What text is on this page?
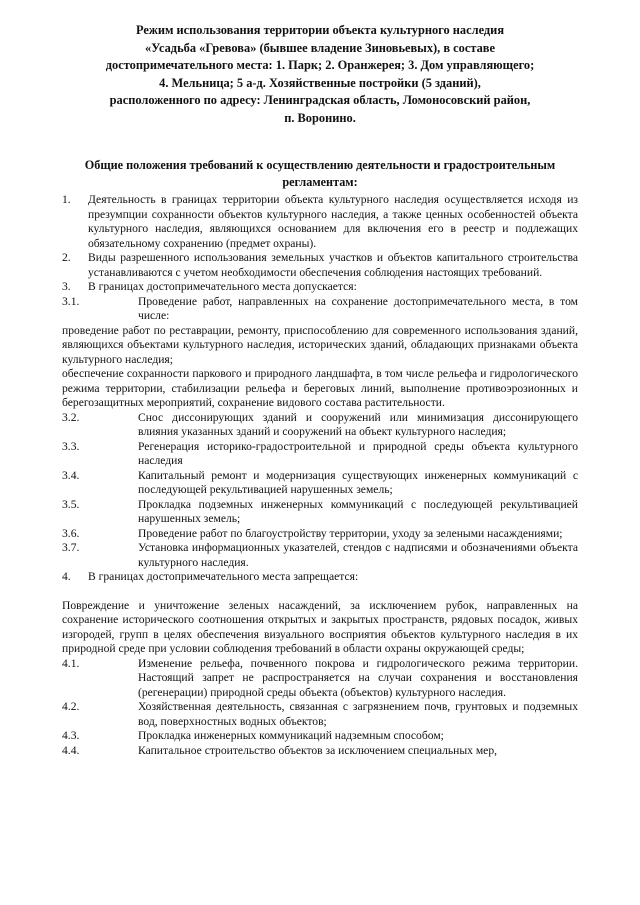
Режим использования территории объекта культурного наследия

«Усадьба «Гревова» (бывшее владение Зиновьевых), в составе

достопримечательного места: 1. Парк; 2. Оранжерея; 3. Дом управляющего;

4. Мельница; 5 а-д. Хозяйственные постройки (5 зданий),

расположенного по адресу: Ленинградская область, Ломоносовский район,

п. Воронино.

Общие положения требований к осуществлению деятельности и градостроительным

регламентам:

1.	Деятельность в границах территории объекта культурного наследия осуществляется исходя из презумпции сохранности объектов культурного наследия, а также ценных особенностей объекта культурного наследия, являющихся основанием для включения его в реестр и подлежащих обязательному сохранению (предмет охраны).
2.	Виды разрешенного использования земельных участков и объектов капитального строительства устанавливаются с учетом необходимости обеспечения соблюдения настоящих требований.
3.	В границах достопримечательного места допускается:
3.1.	Проведение работ, направленных на сохранение достопримечательного места, в том числе:

проведение работ по реставрации, ремонту, приспособлению для современного использования зданий, являющихся объектами культурного наследия, исторических зданий, обладающих признаками объекта культурного наследия;

обеспечение сохранности паркового и природного ландшафта, в том числе рельефа и гидрологического режима территории, стабилизации рельефа и береговых линий, выполнение противоэрозионных и берегозащитных мероприятий, сохранение видового состава растительности.

3.2.	Снос диссонирующих зданий и сооружений или минимизация диссонирующего влияния указанных зданий и сооружений на объект культурного наследия;
3.3.	Регенерация историко-градостроительной и природной среды объекта культурного наследия
3.4.	Капитальный ремонт и модернизация существующих инженерных коммуникаций с последующей рекультивацией нарушенных земель;
3.5.	Прокладка подземных инженерных коммуникаций с последующей рекультивацией нарушенных земель;
3.6.	Проведение работ по благоустройству территории, уходу за зелеными насаждениями;
3.7.	Установка информационных указателей, стендов с надписями и обозначениями объекта культурного наследия.
4.	В границах достопримечательного места запрещается:

Повреждение и уничтожение зеленых насаждений, за исключением рубок, направленных на сохранение исторического соотношения открытых и закрытых пространств, рядовых посадок, живых изгородей, групп в целях обеспечения визуального восприятия объектов культурного наследия в их природной среде при условии соблюдения требований в области охраны окружающей среды;

4.1.	Изменение рельефа, почвенного покрова и гидрологического режима территории. Настоящий запрет не распространяется на случаи сохранения и восстановления (регенерации) природной среды объекта (объектов) культурного наследия.
4.2.	Хозяйственная деятельность, связанная с загрязнением почв, грунтовых и подземных вод, поверхностных водных объектов;
4.3.	Прокладка инженерных коммуникаций надземным способом;
4.4.	Капитальное строительство объектов за исключением специальных мер,
